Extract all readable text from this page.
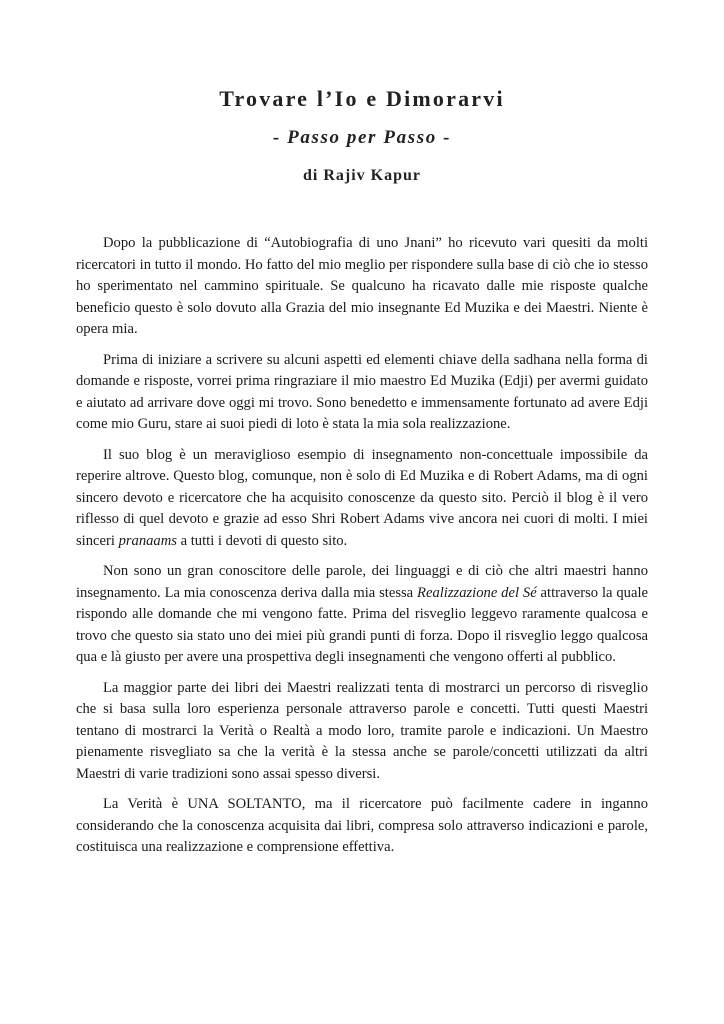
Trovare l’Io e Dimorarvi
- Passo per Passo -
di Rajiv Kapur

Dopo la pubblicazione di “Autobiografia di uno Jnani” ho ricevuto vari quesiti da molti ricercatori in tutto il mondo. Ho fatto del mio meglio per rispondere sulla base di ciò che io stesso ho sperimentato nel cammino spirituale. Se qualcuno ha ricavato dalle mie risposte qualche beneficio questo è solo dovuto alla Grazia del mio insegnante Ed Muzika e dei Maestri. Niente è opera mia.

Prima di iniziare a scrivere su alcuni aspetti ed elementi chiave della sadhana nella forma di domande e risposte, vorrei prima ringraziare il mio maestro Ed Muzika (Edji) per avermi guidato e aiutato ad arrivare dove oggi mi trovo. Sono benedetto e immensamente fortunato ad avere Edji come mio Guru, stare ai suoi piedi di loto è stata la mia sola realizzazione.

Il suo blog è un meraviglioso esempio di insegnamento non-concettuale impossibile da reperire altrove. Questo blog, comunque, non è solo di Ed Muzika e di Robert Adams, ma di ogni sincero devoto e ricercatore che ha acquisito conoscenze da questo sito. Perciò il blog è il vero riflesso di quel devoto e grazie ad esso Shri Robert Adams vive ancora nei cuori di molti. I miei sinceri pranaams a tutti i devoti di questo sito.

Non sono un gran conoscitore delle parole, dei linguaggi e di ciò che altri maestri hanno insegnamento. La mia conoscenza deriva dalla mia stessa Realizzazione del Sé attraverso la quale rispondo alle domande che mi vengono fatte. Prima del risveglio leggevo raramente qualcosa e trovo che questo sia stato uno dei miei più grandi punti di forza. Dopo il risveglio leggo qualcosa qua e là giusto per avere una prospettiva degli insegnamenti che vengono offerti al pubblico.

La maggior parte dei libri dei Maestri realizzati tenta di mostrarci un percorso di risveglio che si basa sulla loro esperienza personale attraverso parole e concetti. Tutti questi Maestri tentano di mostrarci la Verità o Realtà a modo loro, tramite parole e indicazioni. Un Maestro pienamente risvegliato sa che la verità è la stessa anche se parole/concetti utilizzati da altri Maestri di varie tradizioni sono assai spesso diversi.

La Verità è UNA SOLTANTO, ma il ricercatore può facilmente cadere in inganno considerando che la conoscenza acquisita dai libri, compresa solo attraverso indicazioni e parole, costituisca una realizzazione e comprensione effettiva.
